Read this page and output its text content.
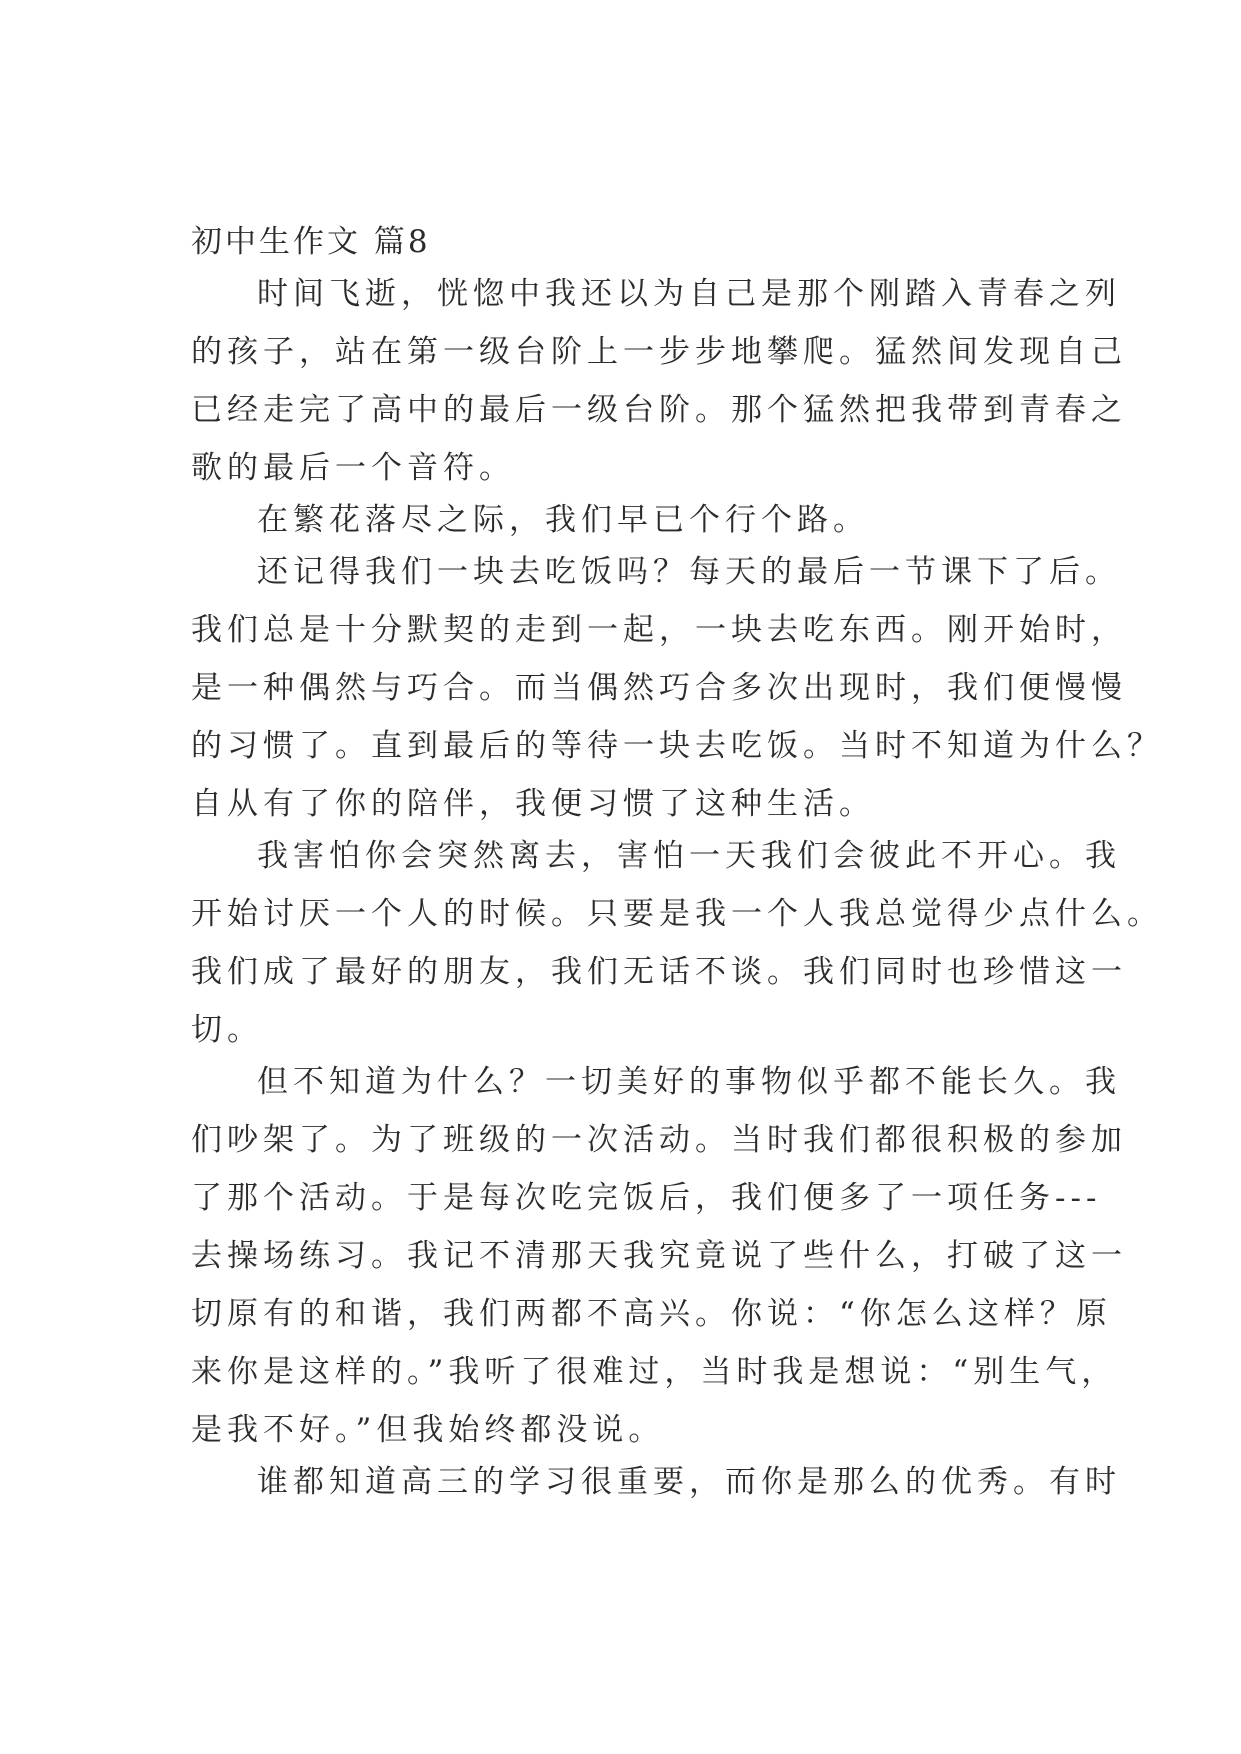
初中生作文 篇8
时间飞逝，恍惚中我还以为自己是那个刚踏入青春之列
的孩子，站在第一级台阶上一步步地攀爬。猛然间发现自己
已经走完了高中的最后一级台阶。那个猛然把我带到青春之
歌的最后一个音符。
在繁花落尽之际，我们早已个行个路。
还记得我们一块去吃饭吗？每天的最后一节课下了后。
我们总是十分默契的走到一起，一块去吃东西。刚开始时，
是一种偶然与巧合。而当偶然巧合多次出现时，我们便慢慢
的习惯了。直到最后的等待一块去吃饭。当时不知道为什么？
自从有了你的陪伴，我便习惯了这种生活。
我害怕你会突然离去，害怕一天我们会彼此不开心。我
开始讨厌一个人的时候。只要是我一个人我总觉得少点什么。
我们成了最好的朋友，我们无话不谈。我们同时也珍惜这一
切。
但不知道为什么？一切美好的事物似乎都不能长久。我
们吵架了。为了班级的一次活动。当时我们都很积极的参加
了那个活动。于是每次吃完饭后，我们便多了一项任务---
去操场练习。我记不清那天我究竟说了些什么，打破了这一
切原有的和谐，我们两都不高兴。你说：“你怎么这样？原
来你是这样的。”我听了很难过，当时我是想说：“别生气，
是我不好。”但我始终都没说。
谁都知道高三的学习很重要，而你是那么的优秀。有时
